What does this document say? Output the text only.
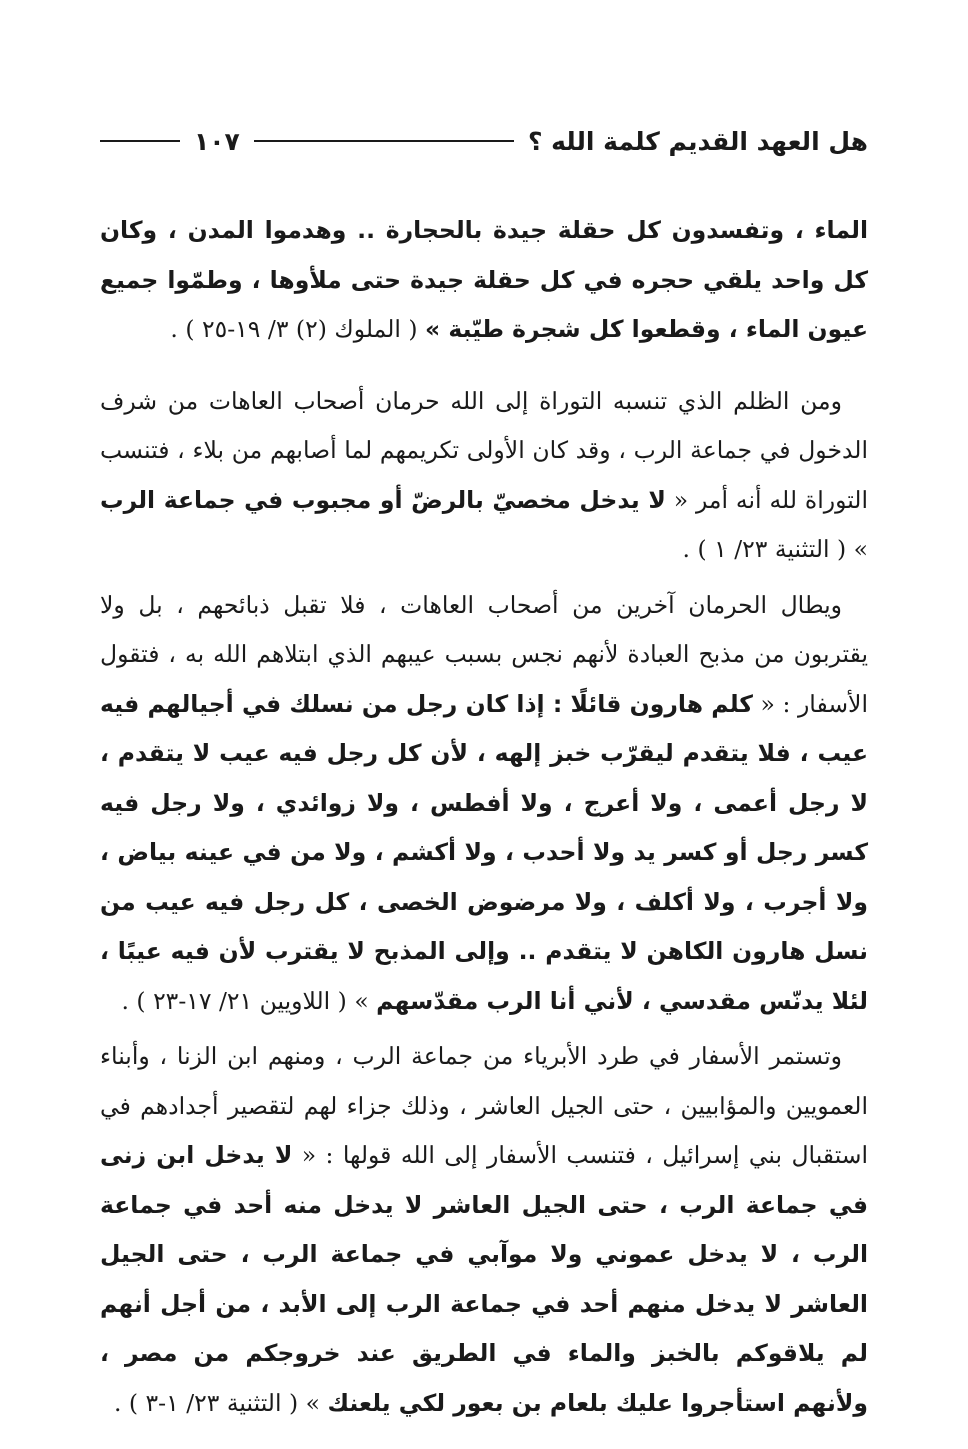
هل العهد القديم كلمة الله ؟
١٠٧

الماء ، وتفسدون كل حقلة جيدة بالحجارة .. وهدموا المدن ، وكان كل واحد يلقي حجره في كل حقلة جيدة حتى ملأوها ، وطمّوا جميع عيون الماء ، وقطعوا كل شجرة طيّبة » ( الملوك (٢) ٣/ ١٩-٢٥ ) .

ومن الظلم الذي تنسبه التوراة إلى الله حرمان أصحاب العاهات من شرف الدخول في جماعة الرب ، وقد كان الأولى تكريمهم لما أصابهم من بلاء ، فتنسب التوراة لله أنه أمر « لا يدخل مخصيّ بالرضّ أو مجبوب في جماعة الرب » ( التثنية ٢٣/ ١ ) .

ويطال الحرمان آخرين من أصحاب العاهات ، فلا تقبل ذبائحهم ، بل ولا يقتربون من مذبح العبادة لأنهم نجس بسبب عيبهم الذي ابتلاهم الله به ، فتقول الأسفار : « كلم هارون قائلًا : إذا كان رجل من نسلك في أجيالهم فيه عيب ، فلا يتقدم ليقرّب خبز إلهه ، لأن كل رجل فيه عيب لا يتقدم ، لا رجل أعمى ، ولا أعرج ، ولا أفطس ، ولا زوائدي ، ولا رجل فيه كسر رجل أو كسر يد ولا أحدب ، ولا أكشم ، ولا من في عينه بياض ، ولا أجرب ، ولا أكلف ، ولا مرضوض الخصى ، كل رجل فيه عيب من نسل هارون الكاهن لا يتقدم .. وإلى المذبح لا يقترب لأن فيه عيبًا ، لئلا يدنّس مقدسي ، لأني أنا الرب مقدّسهم » ( اللاويين ٢١/ ١٧-٢٣ ) .

وتستمر الأسفار في طرد الأبرياء من جماعة الرب ، ومنهم ابن الزنا ، وأبناء العمويين والمؤابيين ، حتى الجيل العاشر ، وذلك جزاء لهم لتقصير أجدادهم في استقبال بني إسرائيل ، فتنسب الأسفار إلى الله قولها : « لا يدخل ابن زنى في جماعة الرب ، حتى الجيل العاشر لا يدخل منه أحد في جماعة الرب ، لا يدخل عموني ولا موآبي في جماعة الرب ، حتى الجيل العاشر لا يدخل منهم أحد في جماعة الرب إلى الأبد ، من أجل أنهم لم يلاقوكم بالخبز والماء في الطريق عند خروجكم من مصر ، ولأنهم استأجروا عليك بلعام بن بعور لكي يلعنك » ( التثنية ٢٣/ ١-٣ ) .
